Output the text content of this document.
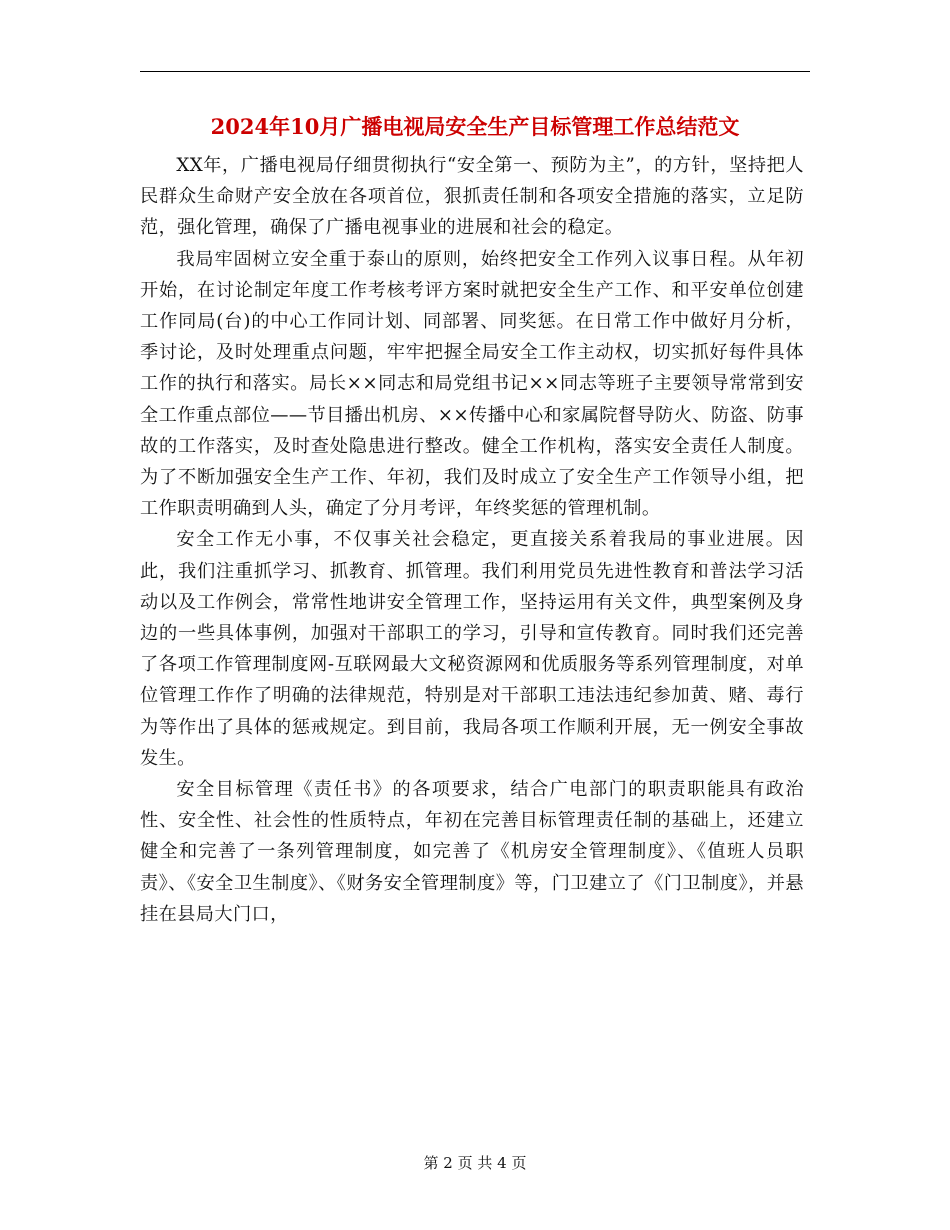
2024年10月广播电视局安全生产目标管理工作总结范文

XX年，广播电视局仔细贯彻执行“安全第一、预防为主”，的方针，坚持把人民群众生命财产安全放在各项首位，狠抓责任制和各项安全措施的落实，立足防范，强化管理，确保了广播电视事业的进展和社会的稳定。

我局牢固树立安全重于泰山的原则，始终把安全工作列入议事日程。从年初开始，在讨论制定年度工作考核考评方案时就把安全生产工作、和平安单位创建工作同局(台)的中心工作同计划、同部署、同奖惩。在日常工作中做好月分析，季讨论，及时处理重点问题，牢牢把握全局安全工作主动权，切实抓好每件具体工作的执行和落实。局长××同志和局党组书记××同志等班子主要领导常常到安全工作重点部位——节目播出机房、××传播中心和家属院督导防火、防盗、防事故的工作落实，及时查处隐患进行整改。健全工作机构，落实安全责任人制度。为了不断加强安全生产工作、年初，我们及时成立了安全生产工作领导小组，把工作职责明确到人头，确定了分月考评，年终奖惩的管理机制。

安全工作无小事，不仅事关社会稳定，更直接关系着我局的事业进展。因此，我们注重抓学习、抓教育、抓管理。我们利用党员先进性教育和普法学习活动以及工作例会，常常性地讲安全管理工作，坚持运用有关文件，典型案例及身边的一些具体事例，加强对干部职工的学习，引导和宣传教育。同时我们还完善了各项工作管理制度网-互联网最大文秘资源网和优质服务等系列管理制度，对单位管理工作作了明确的法律规范，特别是对干部职工违法违纪参加黄、赌、毒行为等作出了具体的惩戒规定。到目前，我局各项工作顺利开展，无一例安全事故发生。

安全目标管理《责任书》的各项要求，结合广电部门的职责职能具有政治性、安全性、社会性的性质特点，年初在完善目标管理责任制的基础上，还建立健全和完善了一条列管理制度，如完善了《机房安全管理制度》、《值班人员职责》、《安全卫生制度》、《财务安全管理制度》等，门卫建立了《门卫制度》，并悬挂在县局大门口，

第 2 页 共 4 页
